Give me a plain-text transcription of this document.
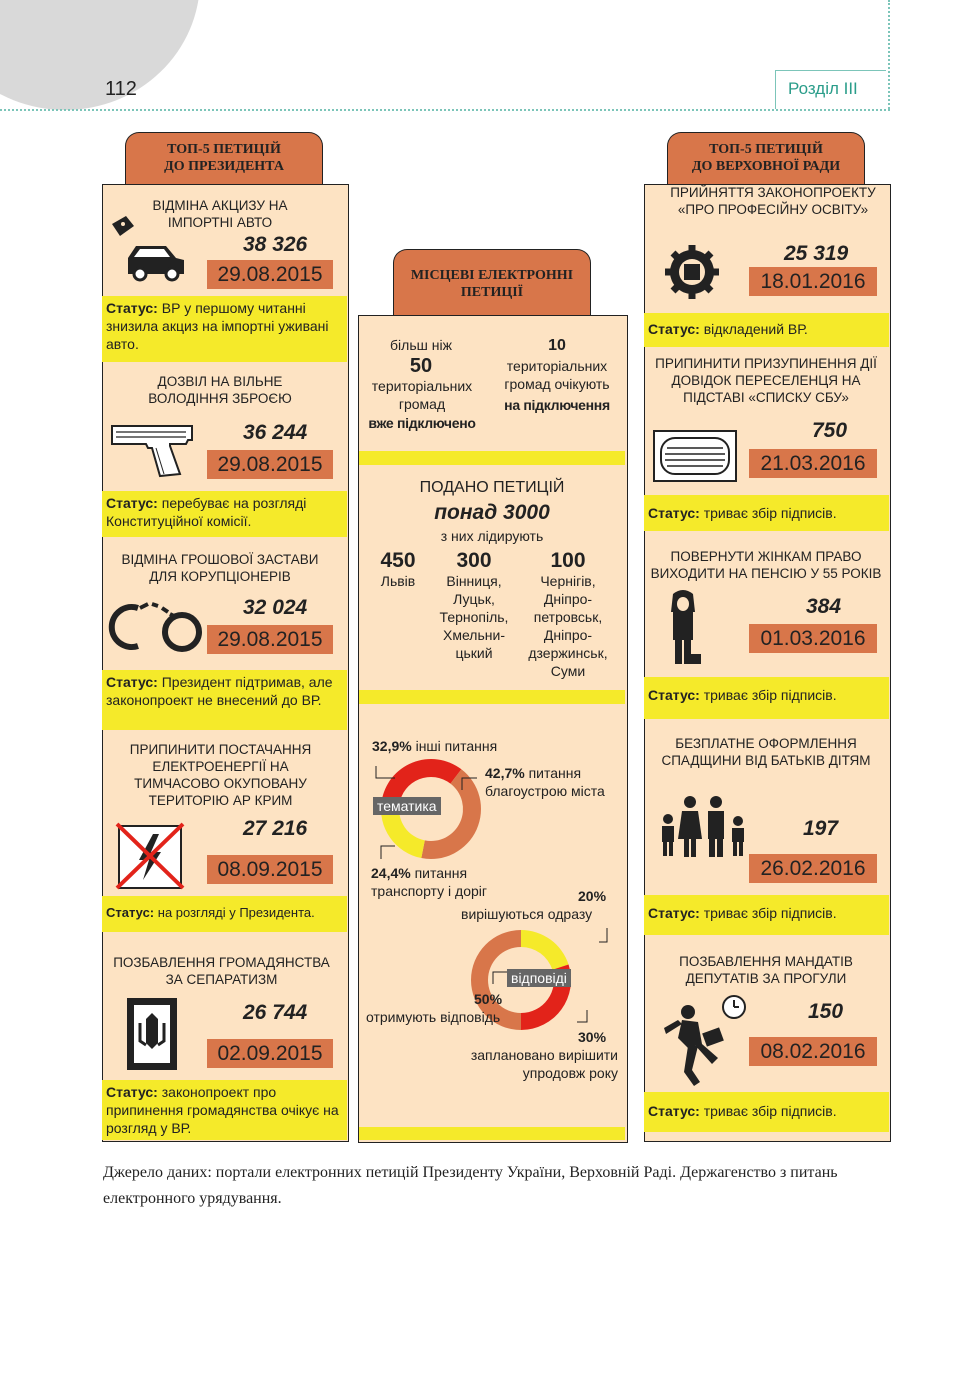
112	Розділ III
ТОП-5 ПЕТИЦІЙ
ДО ПРЕЗИДЕНТА
ВІДМІНА АКЦИЗУ НА ІМПОРТНІ АВТО
38 326
29.08.2015
Статус: ВР у першому читанні знизила акциз на імпортні уживані авто.
ДОЗВІЛ НА ВІЛЬНЕ ВОЛОДІННЯ ЗБРОЄЮ
36 244
29.08.2015
Статус: перебуває на розгляді Конституційної комісії.
ВІДМІНА ГРОШОВОЇ ЗАСТАВИ ДЛЯ КОРУПЦІОНЕРІВ
32 024
29.08.2015
Статус: Президент підтримав, але законопроект не внесений до ВР.
ПРИПИНИТИ ПОСТАЧАННЯ ЕЛЕКТРОЕНЕРГІЇ НА ТИМЧАСОВО ОКУПОВАНУ ТЕРИТОРІЮ АР КРИМ
27 216
08.09.2015
Статус: на розгляді у Президента.
ПОЗБАВЛЕННЯ ГРОМАДЯНСТВА ЗА СЕПАРАТИЗМ
26 744
02.09.2015
Статус: законопроект про припинення громадянства очікує на розгляд у ВР.
МІСЦЕВІ ЕЛЕКТРОННІ
ПЕТИЦІЇ
більш ніж
50
територіальних громад
вже підключено
10
територіальних громад очікують
на підключення
ПОДАНО ПЕТИЦІЙ
понад 3000
з них лідирують
450
Львів
300
Вінниця, Луцьк, Тернопіль, Хмельни-цький
100
Чернігів, Дніпро-петровськ, Дніпро-дзержинськ, Суми
32,9% інші питання
42,7% питання благоустрою міста
24,4% питання транспорту і доріг
тематика
20%
вирішуються одразу
50%
отримують відповідь
30%
заплановано вирішити упродовж року
відповіді
ТОП-5 ПЕТИЦІЙ
ДО ВЕРХОВНОЇ РАДИ
ПРИЙНЯТТЯ ЗАКОНОПРОЕКТУ «ПРО ПРОФЕСІЙНУ ОСВІТУ»
25 319
18.01.2016
Статус: відкладений ВР.
ПРИПИНИТИ ПРИЗУПИНЕННЯ ДІЇ ДОВІДОК ПЕРЕСЕЛЕНЦЯ НА ПІДСТАВІ «СПИСКУ СБУ»
750
21.03.2016
Статус: триває збір підписів.
ПОВЕРНУТИ ЖІНКАМ ПРАВО ВИХОДИТИ НА ПЕНСІЮ У 55 РОКІВ
384
01.03.2016
Статус: триває збір підписів.
БЕЗПЛАТНЕ ОФОРМЛЕННЯ СПАДЩИНИ ВІД БАТЬКІВ ДІТЯМ
197
26.02.2016
Статус: триває збір підписів.
ПОЗБАВЛЕННЯ МАНДАТІВ ДЕПУТАТІВ ЗА ПРОГУЛИ
150
08.02.2016
Статус: триває збір підписів.
Джерело даних: портали електронних петицій Президенту України, Верховній Раді. Держагенство з питань електронного урядування.
